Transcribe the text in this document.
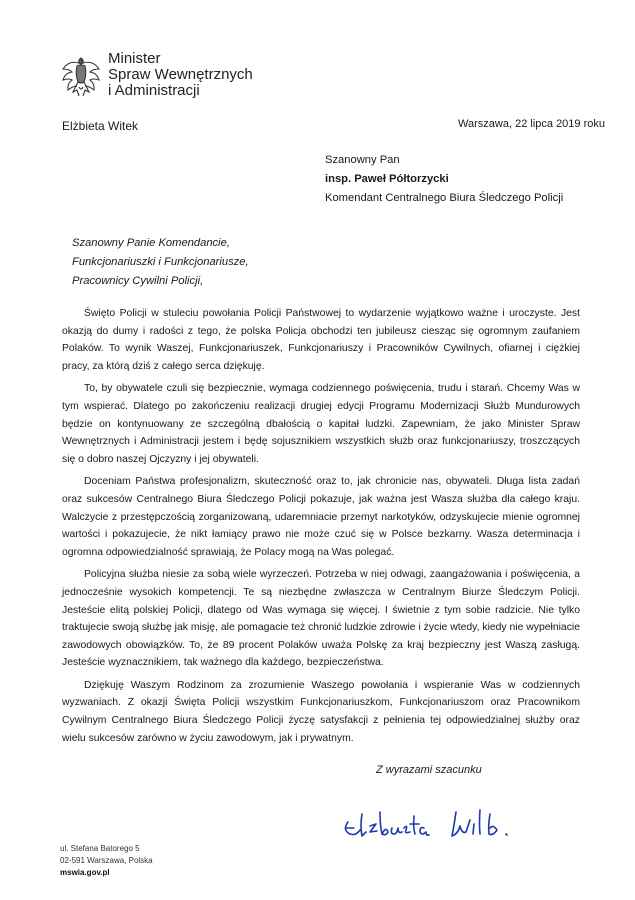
Minister
Spraw Wewnętrznych
i Administracji
Elżbieta Witek	Warszawa, 22 lipca 2019 roku
Szanowny Pan
insp. Paweł Półtorzycki
Komendant Centralnego Biura Śledczego Policji
Szanowny Panie Komendancie,
Funkcjonariuszki i Funkcjonariusze,
Pracownicy Cywilni Policji,

Święto Policji w stuleciu powołania Policji Państwowej to wydarzenie wyjątkowo ważne i uroczyste. Jest okazją do dumy i radości z tego, że polska Policja obchodzi ten jubileusz ciesząc się ogromnym zaufaniem Polaków. To wynik Waszej, Funkcjonariuszek, Funkcjonariuszy i Pracowników Cywilnych, ofiarnej i ciężkiej pracy, za którą dziś z całego serca dziękuję.

To, by obywatele czuli się bezpiecznie, wymaga codziennego poświęcenia, trudu i starań. Chcemy Was w tym wspierać. Dlatego po zakończeniu realizacji drugiej edycji Programu Modernizacji Służb Mundurowych będzie on kontynuowany ze szczególną dbałością o kapitał ludzki. Zapewniam, że jako Minister Spraw Wewnętrznych i Administracji jestem i będę sojusznikiem wszystkich służb oraz funkcjonariuszy, troszczących się o dobro naszej Ojczyzny i jej obywateli.

Doceniam Państwa profesjonalizm, skuteczność oraz to, jak chronicie nas, obywateli. Długa lista zadań oraz sukcesów Centralnego Biura Śledczego Policji pokazuje, jak ważna jest Wasza służba dla całego kraju. Walczycie z przestępczością zorganizowaną, udaremniacie przemyt narkotyków, odzyskujecie mienie ogromnej wartości i pokazujecie, że nikt łamiący prawo nie może czuć się w Polsce bezkarny. Wasza determinacja i ogromna odpowiedzialność sprawiają, że Polacy mogą na Was polegać.

Policyjna służba niesie za sobą wiele wyrzeczeń. Potrzeba w niej odwagi, zaangażowania i poświęcenia, a jednocześnie wysokich kompetencji. Te są niezbędne zwłaszcza w Centralnym Biurze Śledczym Policji. Jesteście elitą polskiej Policji, dlatego od Was wymaga się więcej. I świetnie z tym sobie radzicie. Nie tylko traktujecie swoją służbę jak misję, ale pomagacie też chronić ludzkie zdrowie i życie wtedy, kiedy nie wypełniacie zawodowych obowiązków. To, że 89 procent Polaków uważa Polskę za kraj bezpieczny jest Waszą zasługą. Jesteście wyznacznikiem, tak ważnego dla każdego, bezpieczeństwa.

Dziękuję Waszym Rodzinom za zrozumienie Waszego powołania i wspieranie Was w codziennych wyzwaniach. Z okazji Święta Policji wszystkim Funkcjonariuszkom, Funkcjonariuszom oraz Pracownikom Cywilnym Centralnego Biura Śledczego Policji życzę satysfakcji z pełnienia tej odpowiedzialnej służby oraz wielu sukcesów zarówno w życiu zawodowym, jak i prywatnym.

Z wyrazami szacunku
ul. Stefana Batorego 5
02-591 Warszawa, Polska
mswia.gov.pl
